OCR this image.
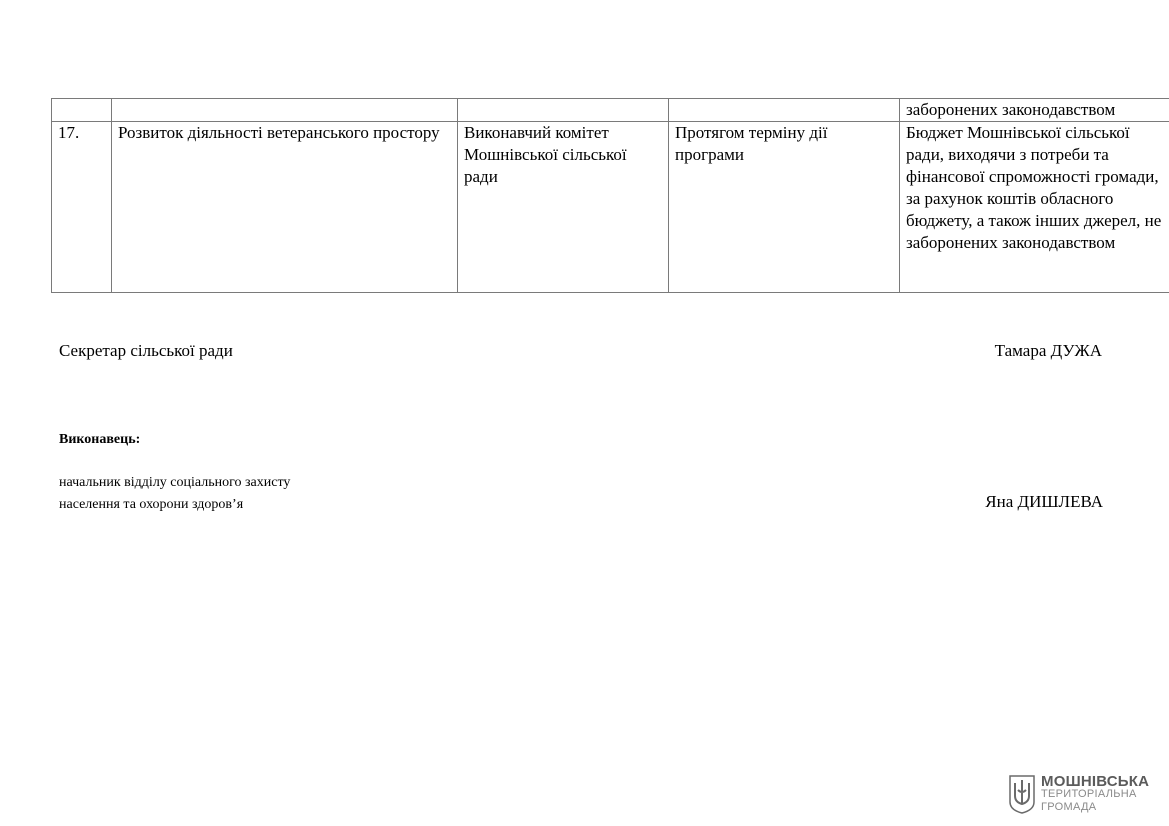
				заборонених законодавством
17.	Розвиток діяльності ветеранського простору	Виконавчий комітет Мошнівської сільської ради	Протягом терміну дії програми	Бюджет Мошнівської сільської ради, виходячи з потреби та фінансової спроможності громади, за рахунок коштів обласного бюджету, а також інших джерел, не заборонених законодавством
Секретар сільської ради	Тамара ДУЖА
Виконавець:
начальник відділу соціального захисту
населення та охорони здоров’я	Яна ДИШЛЕВА
МОШНІВСЬКА
ТЕРИТОРІАЛЬНА
ГРОМАДА
